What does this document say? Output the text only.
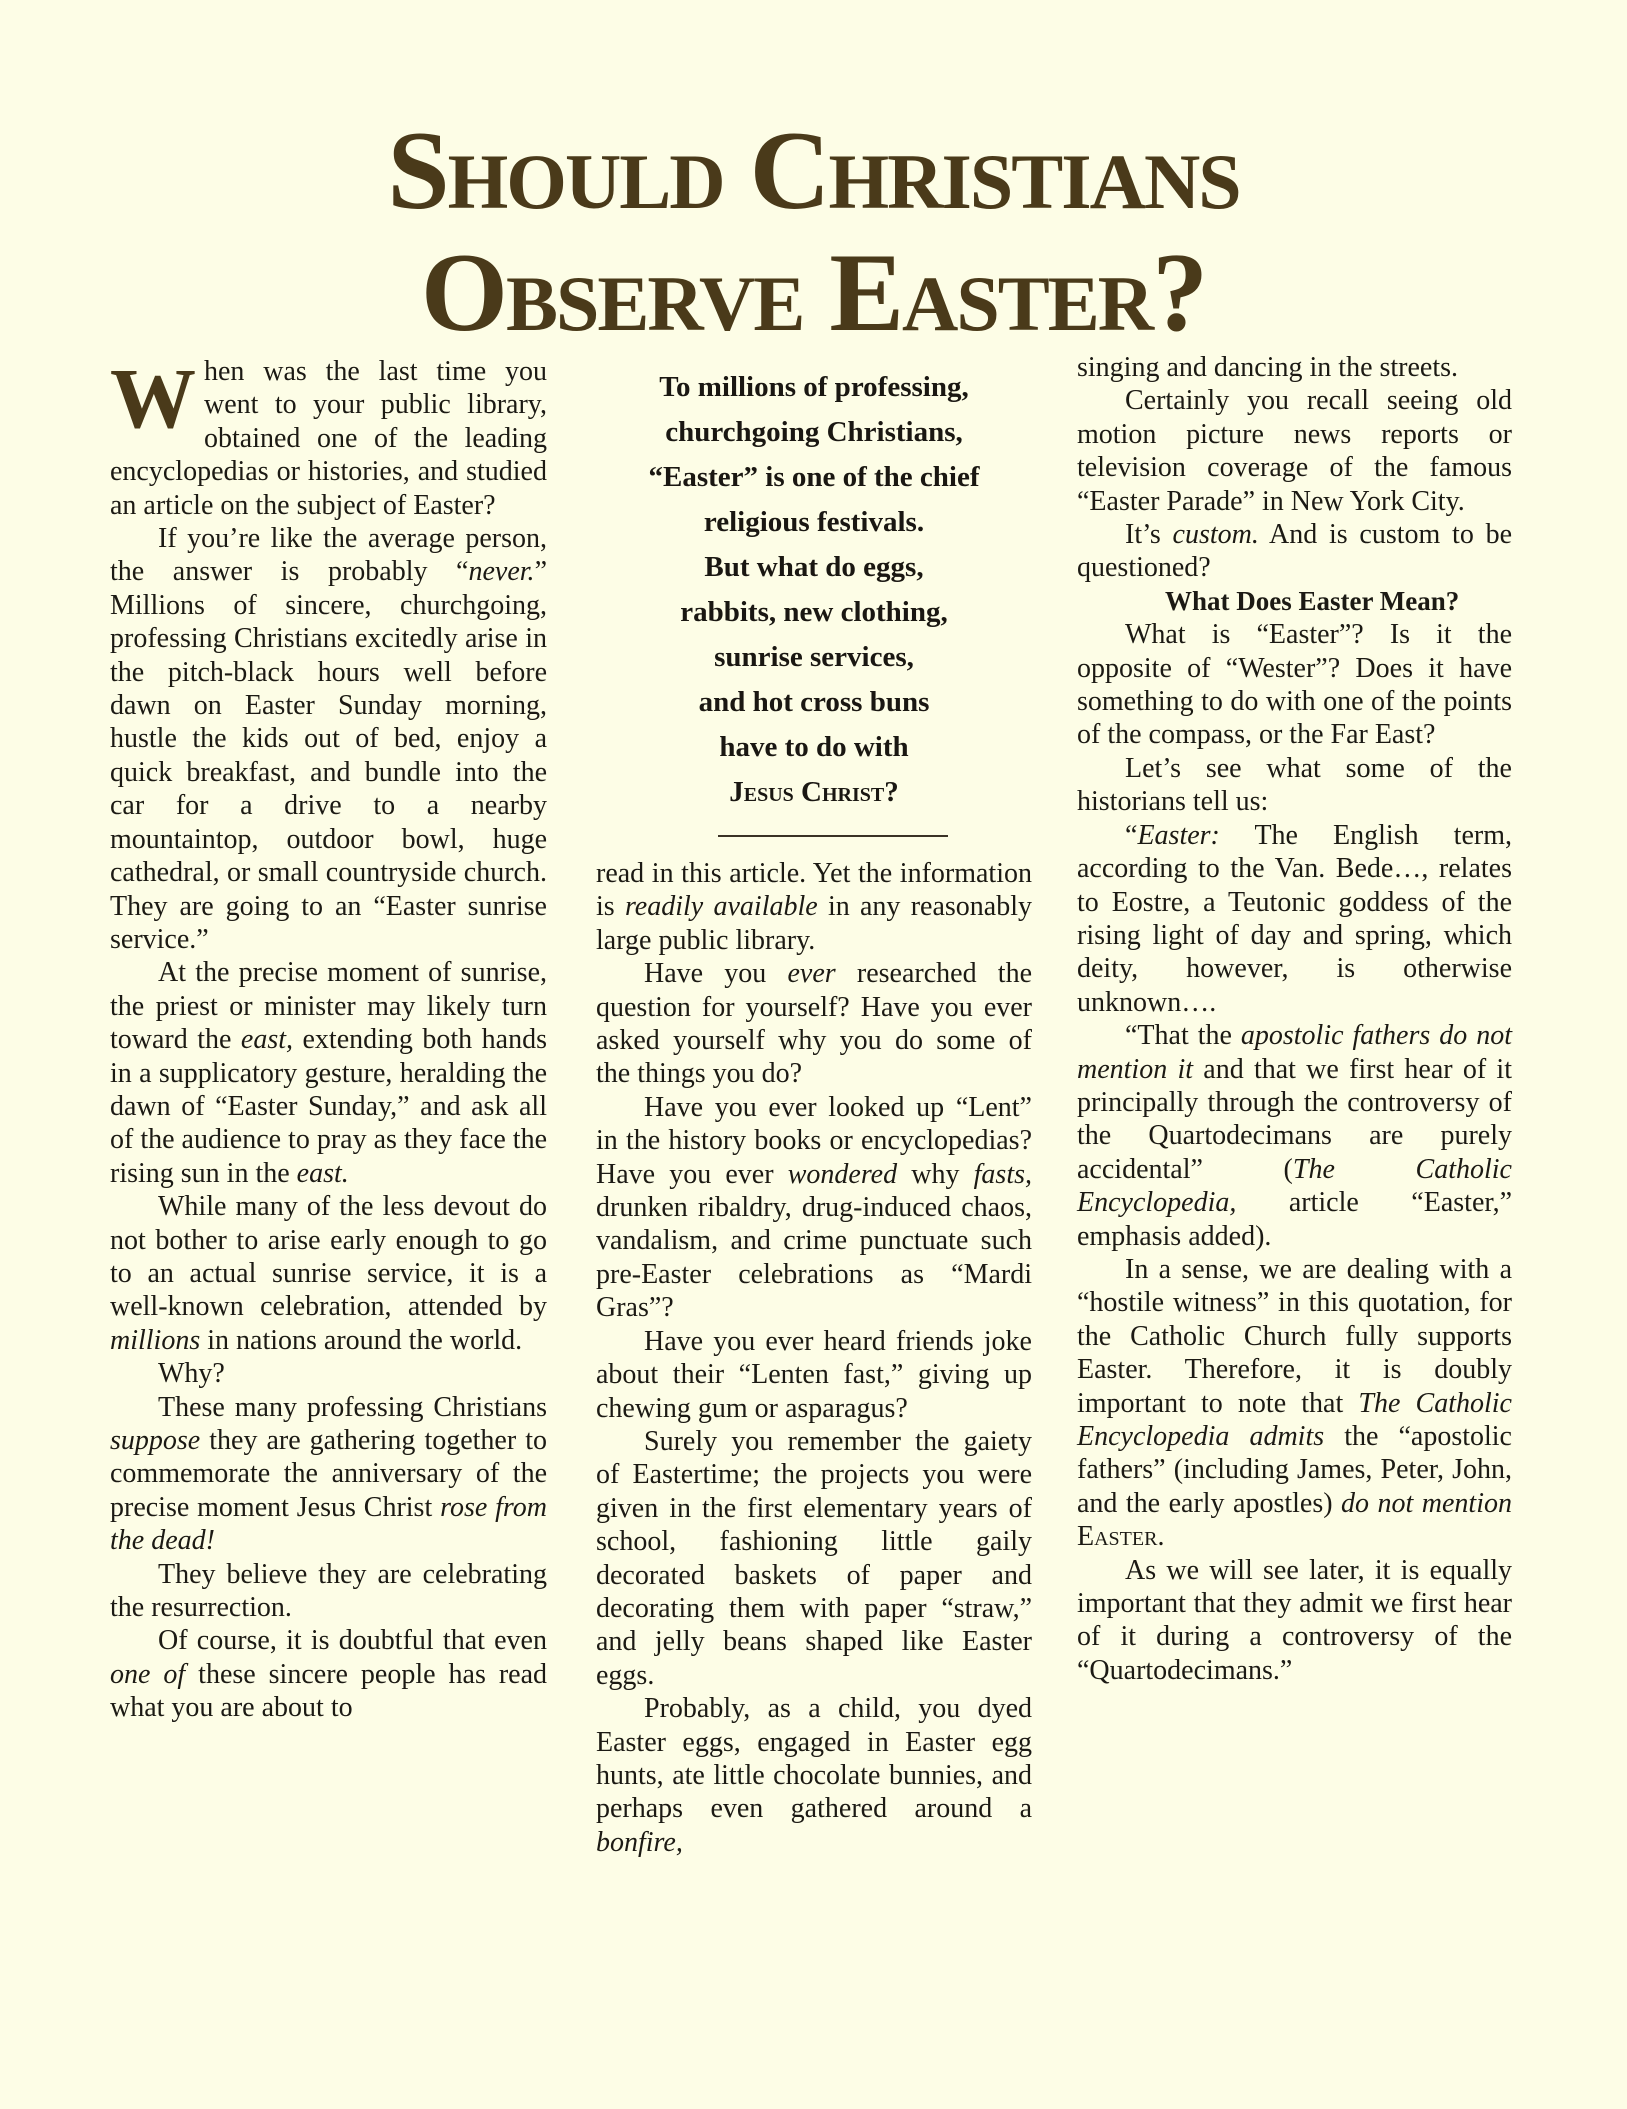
Should Christians
Observe Easter?

When was the last time you went to your public library, obtained one of the leading encyclopedias or histories, and studied an article on the subject of Easter?

If you’re like the average person, the answer is probably “never.” Millions of sincere, churchgoing, professing Christians excitedly arise in the pitch-black hours well before dawn on Easter Sunday morning, hustle the kids out of bed, enjoy a quick breakfast, and bundle into the car for a drive to a nearby mountaintop, outdoor bowl, huge cathedral, or small countryside church. They are going to an “Easter sunrise service.”

At the precise moment of sunrise, the priest or minister may likely turn toward the east, extending both hands in a supplicatory gesture, heralding the dawn of “Easter Sunday,” and ask all of the audience to pray as they face the rising sun in the east.

While many of the less devout do not bother to arise early enough to go to an actual sunrise service, it is a well-known celebration, attended by millions in nations around the world.

Why?

These many professing Christians suppose they are gathering together to commemorate the anniversary of the precise moment Jesus Christ rose from the dead!

They believe they are celebrating the resurrection.

Of course, it is doubtful that even one of these sincere people has read what you are about to

To millions of professing,
churchgoing Christians,
“Easter” is one of the chief
religious festivals.
But what do eggs,
rabbits, new clothing,
sunrise services,
and hot cross buns
have to do with
Jesus Christ?

read in this article. Yet the information is readily available in any reasonably large public library.

Have you ever researched the question for yourself? Have you ever asked yourself why you do some of the things you do?

Have you ever looked up “Lent” in the history books or encyclopedias? Have you ever wondered why fasts, drunken ribaldry, drug-induced chaos, vandalism, and crime punctuate such pre-Easter celebrations as “Mardi Gras”?

Have you ever heard friends joke about their “Lenten fast,” giving up chewing gum or asparagus?

Surely you remember the gaiety of Eastertime; the projects you were given in the first elementary years of school, fashioning little gaily decorated baskets of paper and decorating them with paper “straw,” and jelly beans shaped like Easter eggs.

Probably, as a child, you dyed Easter eggs, engaged in Easter egg hunts, ate little chocolate bunnies, and perhaps even gathered around a bonfire,

singing and dancing in the streets.

Certainly you recall seeing old motion picture news reports or television coverage of the famous “Easter Parade” in New York City.

It’s custom. And is custom to be questioned?

What Does Easter Mean?

What is “Easter”? Is it the opposite of “Wester”? Does it have something to do with one of the points of the compass, or the Far East?

Let’s see what some of the historians tell us:

“Easter: The English term, according to the Van. Bede…, relates to Eostre, a Teutonic goddess of the rising light of day and spring, which deity, however, is otherwise unknown….

“That the apostolic fathers do not mention it and that we first hear of it principally through the controversy of the Quartodecimans are purely accidental” (The Catholic Encyclopedia, article “Easter,” emphasis added).

In a sense, we are dealing with a “hostile witness” in this quotation, for the Catholic Church fully supports Easter. Therefore, it is doubly important to note that The Catholic Encyclopedia admits the “apostolic fathers” (including James, Peter, John, and the early apostles) do not mention Easter.

As we will see later, it is equally important that they admit we first hear of it during a controversy of the “Quartodecimans.”
